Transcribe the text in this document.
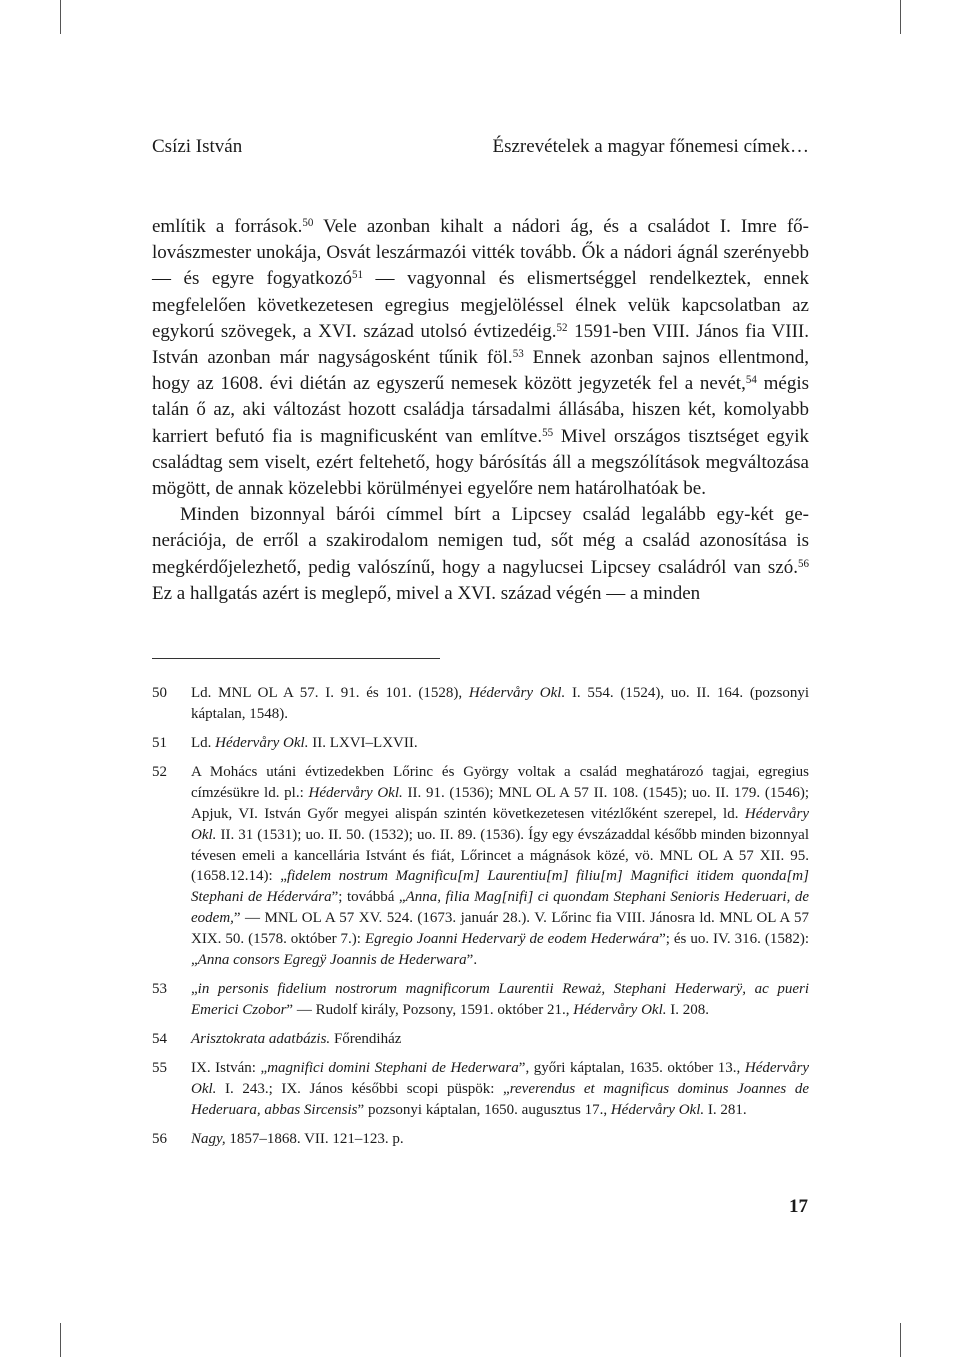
Csízi István	Észrevételek a magyar főnemesi címek…

említik a források.$^{50}$ Vele azonban kihalt a nádori ág, és a családot I. Imre főlovászmester unokája, Osvát leszármazói vitték tovább. Ők a nádori ágnál szerényebb — és egyre fogyatkozó$^{51}$ — vagyonnal és elismertséggel rendelkeztek, ennek megfelelően következetesen egregius megjelöléssel élnek velük kapcsolatban az egykorú szövegek, a XVI. század utolsó évtizedéig.$^{52}$ 1591-ben VIII. János fia VIII. István azonban már nagyságosként tűnik föl.$^{53}$ Ennek azonban sajnos ellentmond, hogy az 1608. évi diétán az egyszerű nemesek között jegyzeték fel a nevét,$^{54}$ mégis talán ő az, aki változást hozott családja társadalmi állásába, hiszen két, komolyabb karriert befutó fia is magnificusként van említve.$^{55}$ Mivel országos tisztséget egyik családtag sem viselt, ezért feltehető, hogy bárósítás áll a megszólítások megváltozása mögött, de annak közelebbi körülményei egyelőre nem határolhatóak be.

Minden bizonnyal bárói címmel bírt a Lipcsey család legalább egy-két generációja, de erről a szakirodalom nemigen tud, sőt még a család azonosítása is megkérdőjelezhető, pedig valószínű, hogy a nagylucsei Lipcsey családról van szó.$^{56}$ Ez a hallgatás azért is meglepő, mivel a XVI. század végén — a minden

50 Ld. MNL OL A 57. I. 91. és 101. (1528), Hédervåry Okl. I. 554. (1524), uo. II. 164. (pozsonyi káptalan, 1548).
51 Ld. Hédervåry Okl. II. LXVI–LXVII.
52 A Mohács utáni évtizedekben Lőrinc és György voltak a család meghatározó tagjai, egregius címzésükre ld. pl.: Hédervåry Okl. II. 91. (1536); MNL OL A 57 II. 108. (1545); uo. II. 179. (1546); Apjuk, VI. István Győr megyei alispán szintén következetesen vitézlőként szerepel, ld. Hédervåry Okl. II. 31 (1531); uo. II. 50. (1532); uo. II. 89. (1536). Így egy évszázaddal később minden bizonnyal tévesen emeli a kancellária Istvánt és fiát, Lőrincet a mágnások közé, vö. MNL OL A 57 XII. 95. (1658.12.14): „fidelem nostrum Magnificu[m] Laurentiu[m] filiu[m] Magnifici itidem quonda[m] Stephani de Hédervára”; továbbá „Anna, filia Mag[nifi] ci quondam Stephani Senioris Hederuari, de eodem,” — MNL OL A 57 XV. 524. (1673. január 28.). V. Lőrinc fia VIII. Jánosra ld. MNL OL A 57 XIX. 50. (1578. október 7.): Egregio Joanni Hedervarÿ de eodem Hederwára”; és uo. IV. 316. (1582): „Anna consors Egregÿ Joannis de Hederwara”.
53 „in personis fidelium nostrorum magnificorum Laurentii Reważ, Stephani Hederwarÿ, ac pueri Emerici Czobor” — Rudolf király, Pozsony, 1591. október 21., Hédervåry Okl. I. 208.
54 Arisztokrata adatbázis. Főrendiház
55 IX. István: „magnifici domini Stephani de Hederwara”, győri káptalan, 1635. október 13., Hédervåry Okl. I. 243.; IX. János későbbi scopi püspök: „reverendus et magnificus dominus Joannes de Hederuara, abbas Sircensis” pozsonyi káptalan, 1650. augusztus 17., Hédervåry Okl. I. 281.
56 Nagy, 1857–1868. VII. 121–123. p.
17
